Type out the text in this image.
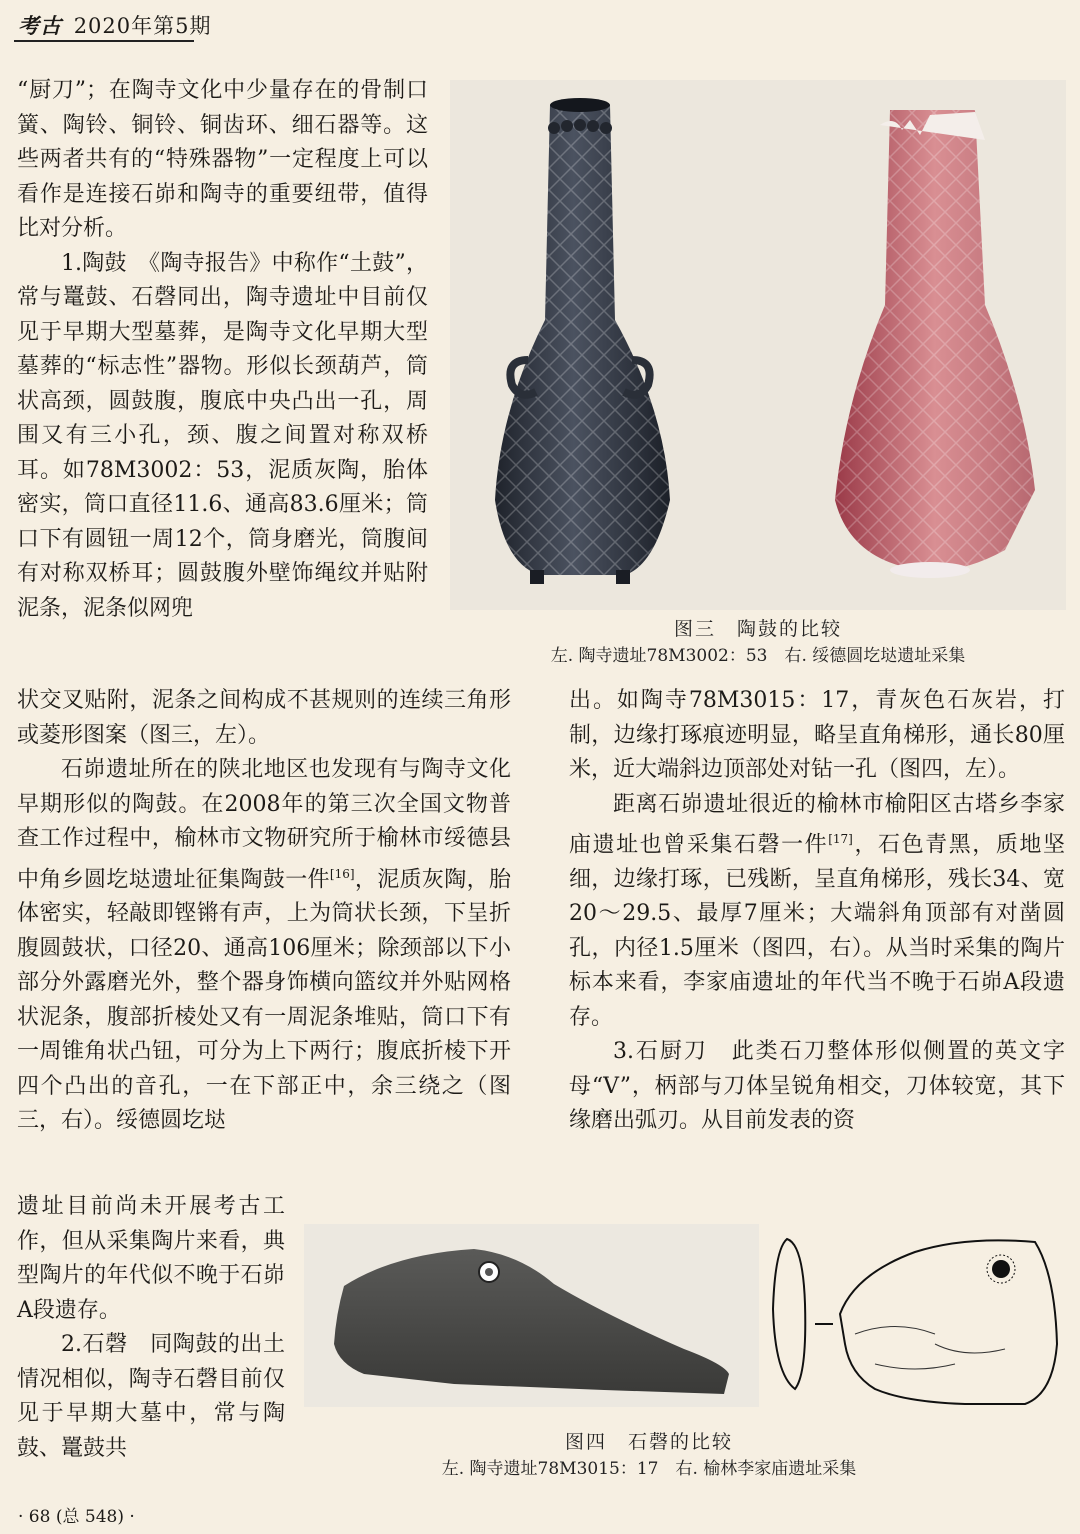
考古 2020年第5期

“厨刀”；在陶寺文化中少量存在的骨制口簧、陶铃、铜铃、铜齿环、细石器等。这些两者共有的“特殊器物”一定程度上可以看作是连接石峁和陶寺的重要纽带，值得比对分析。

1.陶鼓　《陶寺报告》中称作“土鼓”，常与鼍鼓、石磬同出，陶寺遗址中目前仅见于早期大型墓葬，是陶寺文化早期大型墓葬的“标志性”器物。形似长颈葫芦，筒状高颈，圆鼓腹，腹底中央凸出一孔，周围又有三小孔，颈、腹之间置对称双桥耳。如78M3002：53，泥质灰陶，胎体密实，筒口直径11.6、通高83.6厘米；筒口下有圆钮一周12个，筒身磨光，筒腹间有对称双桥耳；圆鼓腹外壁饰绳纹并贴附泥条，泥条似网兜

状交叉贴附，泥条之间构成不甚规则的连续三角形或菱形图案（图三，左）。

石峁遗址所在的陕北地区也发现有与陶寺文化早期形似的陶鼓。在2008年的第三次全国文物普查工作过程中，榆林市文物研究所于榆林市绥德县中角乡圆圪垯遗址征集陶鼓一件[16]，泥质灰陶，胎体密实，轻敲即铿锵有声，上为筒状长颈，下呈折腹圆鼓状，口径20、通高106厘米；除颈部以下小部分外露磨光外，整个器身饰横向篮纹并外贴网格状泥条，腹部折棱处又有一周泥条堆贴，筒口下有一周锥角状凸钮，可分为上下两行；腹底折棱下开四个凸出的音孔，一在下部正中，余三绕之（图三，右）。绥德圆圪垯

遗址目前尚未开展考古工作，但从采集陶片来看，典型陶片的年代似不晚于石峁A段遗存。

2.石磬　同陶鼓的出土情况相似，陶寺石磬目前仅见于早期大墓中，常与陶鼓、鼍鼓共

出。如陶寺78M3015：17，青灰色石灰岩，打制，边缘打琢痕迹明显，略呈直角梯形，通长80厘米，近大端斜边顶部处对钻一孔（图四，左）。

距离石峁遗址很近的榆林市榆阳区古塔乡李家庙遗址也曾采集石磬一件[17]，石色青黑，质地坚细，边缘打琢，已残断，呈直角梯形，残长34、宽20～29.5、最厚7厘米；大端斜角顶部有对凿圆孔，内径1.5厘米（图四，右）。从当时采集的陶片标本来看，李家庙遗址的年代当不晚于石峁A段遗存。

3.石厨刀　此类石刀整体形似侧置的英文字母“V”，柄部与刀体呈锐角相交，刀体较宽，其下缘磨出弧刃。从目前发表的资

图三　陶鼓的比较
左. 陶寺遗址78M3002：53　右. 绥德圆圪垯遗址采集
图四　石磬的比较
左. 陶寺遗址78M3015：17　右. 榆林李家庙遗址采集
· 68 (总 548) ·
